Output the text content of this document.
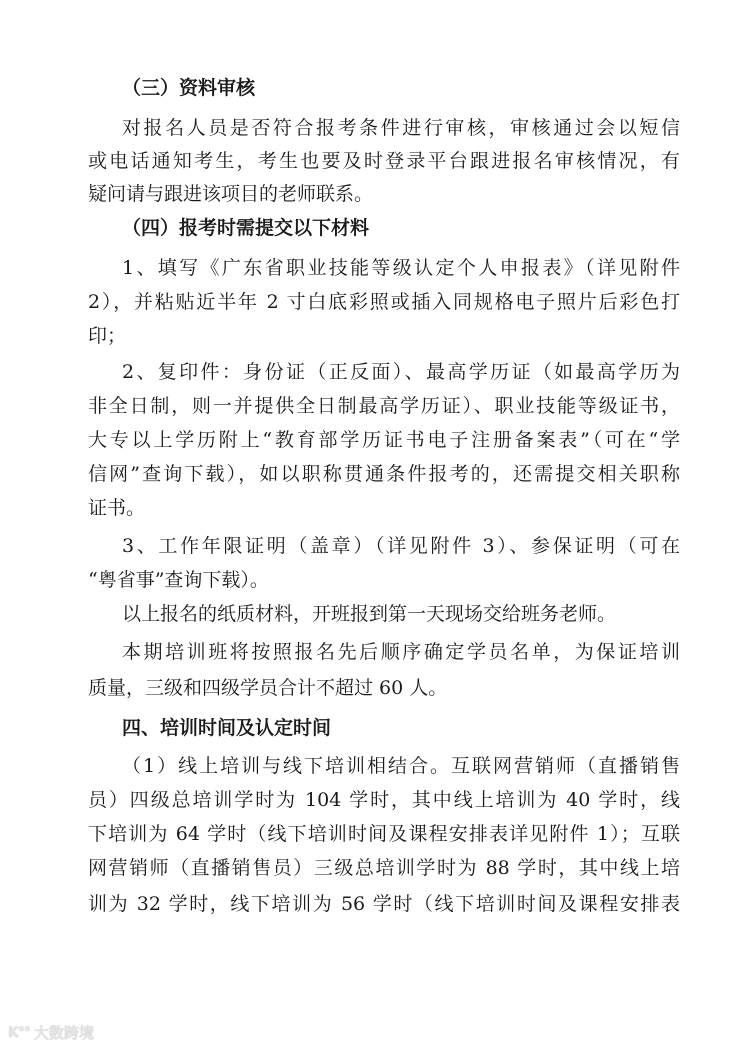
（三）资料审核
对报名人员是否符合报考条件进行审核，审核通过会以短信
或电话通知考生，考生也要及时登录平台跟进报名审核情况，有
疑问请与跟进该项目的老师联系。
（四）报考时需提交以下材料
1、填写《广东省职业技能等级认定个人申报表》（详见附件
2），并粘贴近半年 2 寸白底彩照或插入同规格电子照片后彩色打
印；
2、复印件：身份证（正反面）、最高学历证（如最高学历为
非全日制，则一并提供全日制最高学历证）、职业技能等级证书，
大专以上学历附上“教育部学历证书电子注册备案表”（可在“学
信网”查询下载），如以职称贯通条件报考的，还需提交相关职称
证书。
3、工作年限证明（盖章）（详见附件 3）、参保证明（可在
“粤省事”查询下载）。
以上报名的纸质材料，开班报到第一天现场交给班务老师。
本期培训班将按照报名先后顺序确定学员名单，为保证培训
质量，三级和四级学员合计不超过 60 人。
四、培训时间及认定时间
（1）线上培训与线下培训相结合。互联网营销师（直播销售
员）四级总培训学时为 104 学时，其中线上培训为 40 学时，线
下培训为 64 学时（线下培训时间及课程安排表详见附件 1）；互联
网营销师（直播销售员）三级总培训学时为 88 学时，其中线上培
训为 32 学时，线下培训为 56 学时（线下培训时间及课程安排表
K°° 大数跨境
